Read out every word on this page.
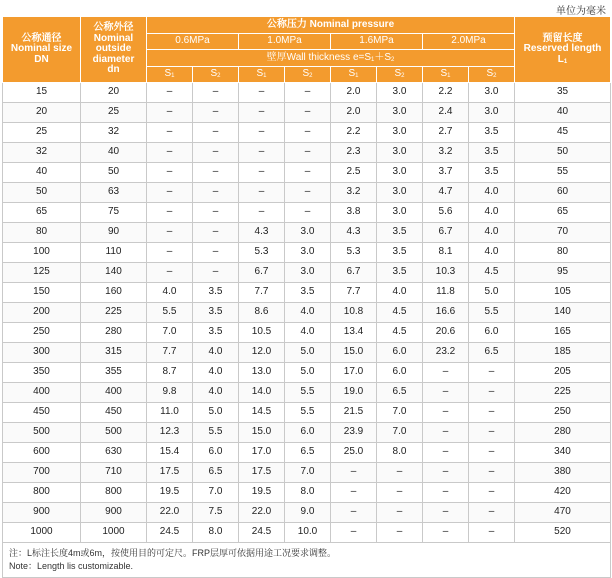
单位为毫米
公称通径
Nominal size
DN	公称外径
Nominal outside diameter
dn	公称压力 Nominal pressure								预留长度
Reserved length
$L_1$
		0.6MPa		1.0MPa		1.6MPa		2.0MPa		
		壁厚Wall thickness $e=S_1+S_2$
		$S_1$	$S_2$	$S_1$	$S_2$	$S_1$	$S_2$	$S_1$	$S_2$
15	20	–	–	–	–	2.0	3.0	2.2	3.0	35
20	25	–	–	–	–	2.0	3.0	2.4	3.0	40
25	32	–	–	–	–	2.2	3.0	2.7	3.5	45
32	40	–	–	–	–	2.3	3.0	3.2	3.5	50
40	50	–	–	–	–	2.5	3.0	3.7	3.5	55
50	63	–	–	–	–	3.2	3.0	4.7	4.0	60
65	75	–	–	–	–	3.8	3.0	5.6	4.0	65
80	90	–	–	4.3	3.0	4.3	3.5	6.7	4.0	70
100	110	–	–	5.3	3.0	5.3	3.5	8.1	4.0	80
125	140	–	–	6.7	3.0	6.7	3.5	10.3	4.5	95
150	160	4.0	3.5	7.7	3.5	7.7	4.0	11.8	5.0	105
200	225	5.5	3.5	8.6	4.0	10.8	4.5	16.6	5.5	140
250	280	7.0	3.5	10.5	4.0	13.4	4.5	20.6	6.0	165
300	315	7.7	4.0	12.0	5.0	15.0	6.0	23.2	6.5	185
350	355	8.7	4.0	13.0	5.0	17.0	6.0	–	–	205
400	400	9.8	4.0	14.0	5.5	19.0	6.5	–	–	225
450	450	11.0	5.0	14.5	5.5	21.5	7.0	–	–	250
500	500	12.3	5.5	15.0	6.0	23.9	7.0	–	–	280
600	630	15.4	6.0	17.0	6.5	25.0	8.0	–	–	340
700	710	17.5	6.5	17.5	7.0	–	–	–	–	380
800	800	19.5	7.0	19.5	8.0	–	–	–	–	420
900	900	22.0	7.5	22.0	9.0	–	–	–	–	470
1000	1000	24.5	8.0	24.5	10.0	–	–	–	–	520
注：L标注长度4m或6m，按使用目的可定尺。FRP层厚可依据用途工况要求调整。
Note：Length lis customizable.										
